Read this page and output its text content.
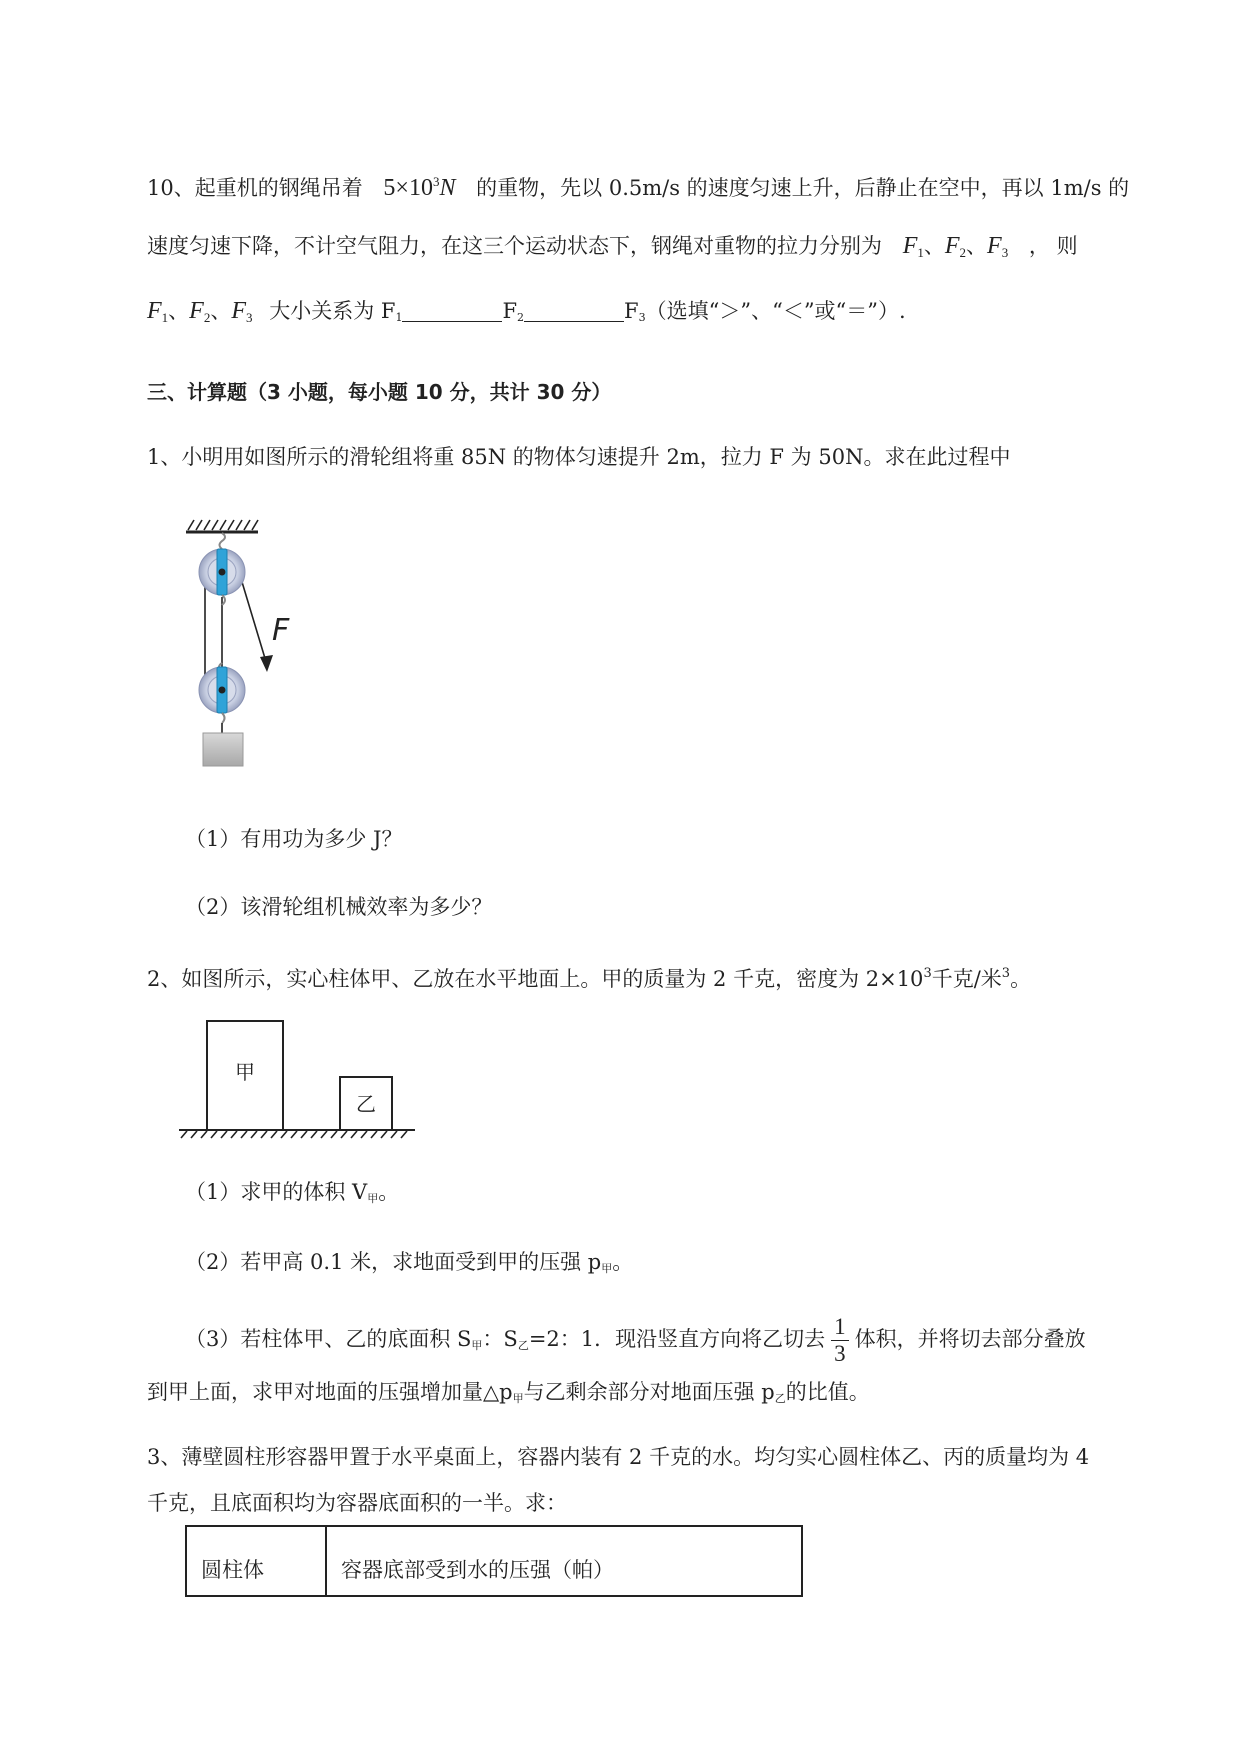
10、起重机的钢绳吊着 $5\times 10^3N$ 的重物，先以 0.5m/s 的速度匀速上升，后静止在空中，再以 1m/s 的
速度匀速下降，不计空气阻力，在这三个运动状态下，钢绳对重物的拉力分别为 $F_1$、$F_2$、$F_3$ ， 则
$F_1$、$F_2$、$F_3$ 大小关系为 F1	F2	F3（选填“＞”、“＜”或“＝”）.
三、计算题（3 小题，每小题 10 分，共计 30 分）
1、小明用如图所示的滑轮组将重 85N 的物体匀速提升 2m，拉力 F 为 50N。求在此过程中
F
（1）有用功为多少 J？
（2）该滑轮组机械效率为多少？
2、如图所示，实心柱体甲、乙放在水平地面上。甲的质量为 2 千克，密度为 $2\times 10^3$千克/米$^3$。
甲
乙
（1）求甲的体积 V甲。
（2）若甲高 0.1 米，求地面受到甲的压强 p甲。
（3）若柱体甲、乙的底面积 S甲：S乙=2：1．现沿竖直方向将乙切去 $\frac{1}{3}$ 体积，并将切去部分叠放
到甲上面，求甲对地面的压强增加量△p甲与乙剩余部分对地面压强 p乙的比值。
3、薄壁圆柱形容器甲置于水平桌面上，容器内装有 2 千克的水。均匀实心圆柱体乙、丙的质量均为 4
千克，且底面积均为容器底面积的一半。求：
圆柱体	容器底部受到水的压强（帕）
